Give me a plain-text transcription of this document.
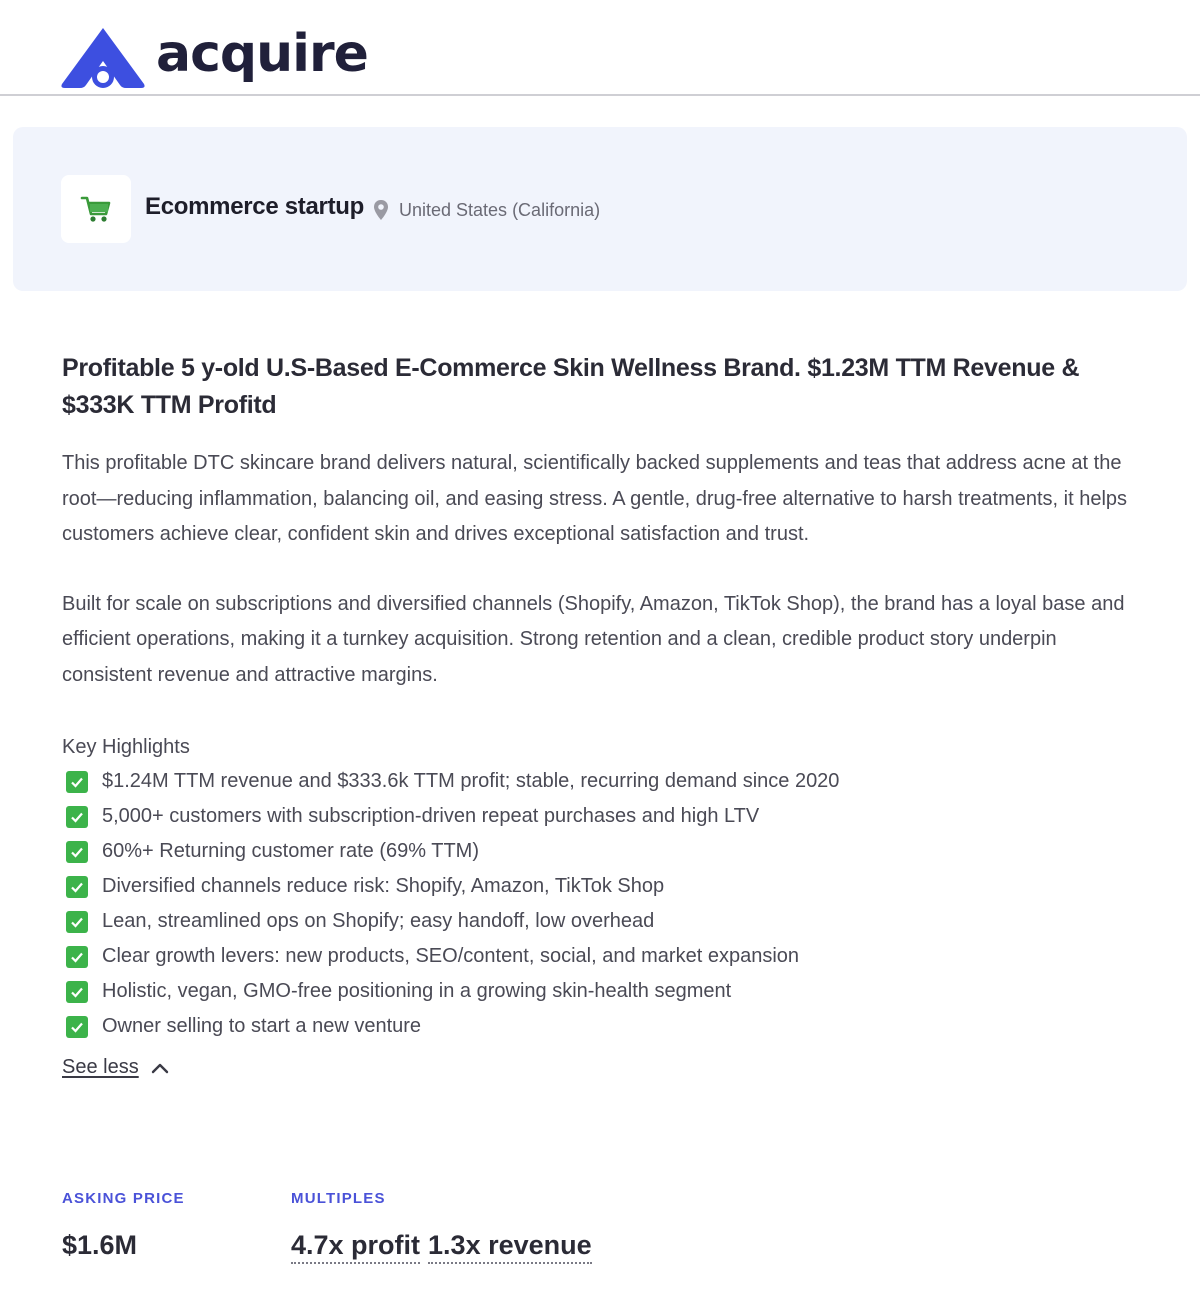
acquire
Ecommerce startup United States (California)
Profitable 5 y-old U.S-Based E-Commerce Skin Wellness Brand. $1.23M TTM Revenue & $333K TTM Profitd

This profitable DTC skincare brand delivers natural, scientifically backed supplements and teas that address acne at the root—reducing inflammation, balancing oil, and easing stress. A gentle, drug-free alternative to harsh treatments, it helps customers achieve clear, confident skin and drives exceptional satisfaction and trust.

Built for scale on subscriptions and diversified channels (Shopify, Amazon, TikTok Shop), the brand has a loyal base and efficient operations, making it a turnkey acquisition. Strong retention and a clean, credible product story underpin consistent revenue and attractive margins.

Key Highlights
$1.24M TTM revenue and $333.6k TTM profit; stable, recurring demand since 2020
5,000+ customers with subscription-driven repeat purchases and high LTV
60%+ Returning customer rate (69% TTM)
Diversified channels reduce risk: Shopify, Amazon, TikTok Shop
Lean, streamlined ops on Shopify; easy handoff, low overhead
Clear growth levers: new products, SEO/content, social, and market expansion
Holistic, vegan, GMO-free positioning in a growing skin-health segment
Owner selling to start a new venture
See less
ASKING PRICE
$1.6M
MULTIPLES
4.7x profit 1.3x revenue
